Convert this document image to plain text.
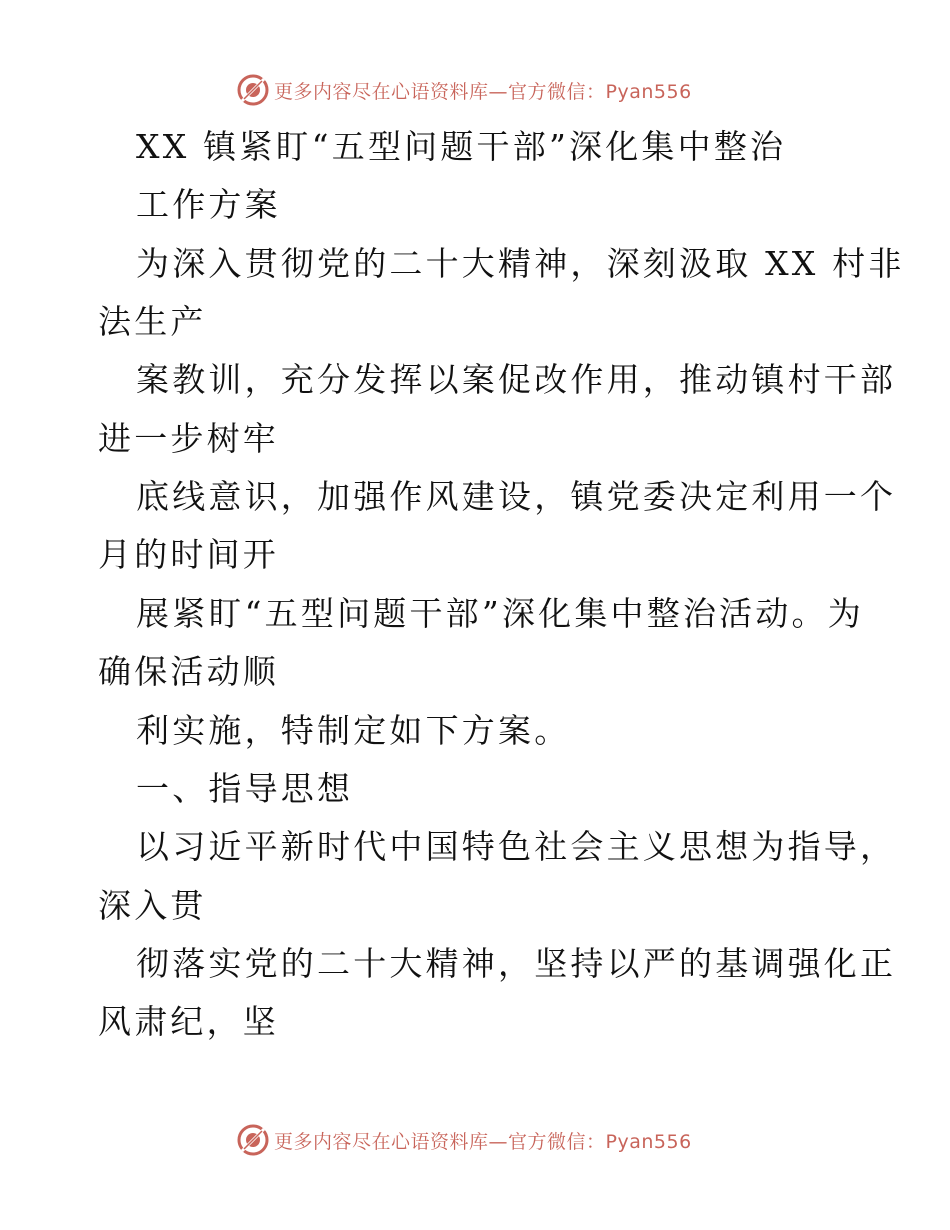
更多内容尽在心语资料库—官方微信：Pyan556
XX 镇紧盯“五型问题干部”深化集中整治
工作方案
为深入贯彻党的二十大精神，深刻汲取 XX 村非
法生产
案教训，充分发挥以案促改作用，推动镇村干部
进一步树牢
底线意识，加强作风建设，镇党委决定利用一个
月的时间开
展紧盯“五型问题干部”深化集中整治活动。为
确保活动顺
利实施，特制定如下方案。
一、指导思想
以习近平新时代中国特色社会主义思想为指导，
深入贯
彻落实党的二十大精神，坚持以严的基调强化正
风肃纪，坚
更多内容尽在心语资料库—官方微信：Pyan556
